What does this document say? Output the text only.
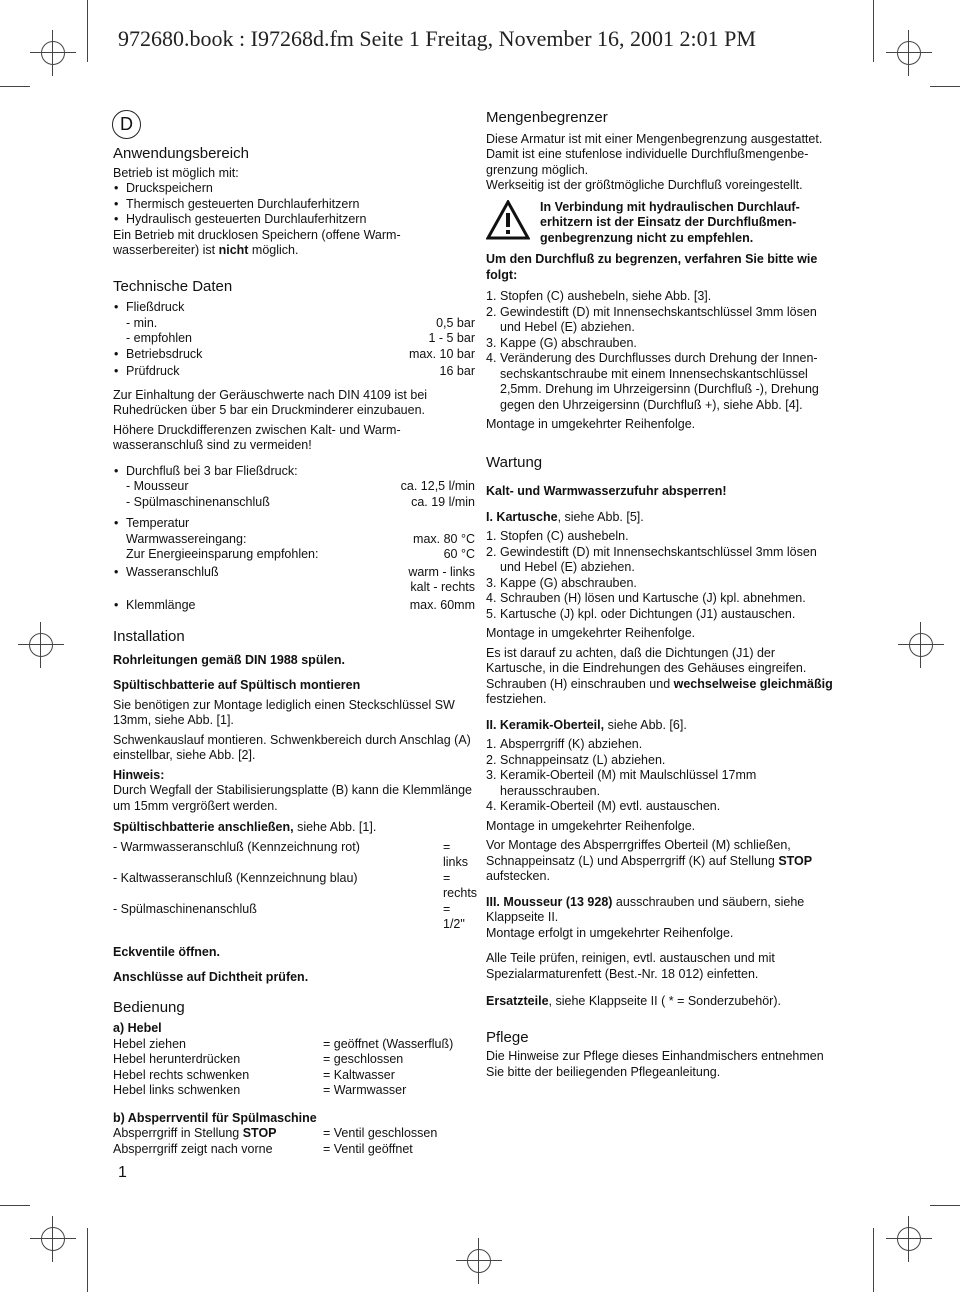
972680.book : I97268d.fm Seite 1 Freitag, November 16, 2001 2:01 PM
D
1
Anwendungsbereich

Betrieb ist möglich mit:

• Druckspeichern
• Thermisch gesteuerten Durchlauferhitzern
• Hydraulisch gesteuerten Durchlauferhitzern

Ein Betrieb mit drucklosen Speichern (offene Warm-
wasserbereiter) ist nicht möglich.

Technische Daten
• Fließdruck
- min.	0,5 bar
- empfohlen	1 - 5 bar
• Betriebsdruck	max. 10 bar
• Prüfdruck	16 bar

Zur Einhaltung der Geräuschwerte nach DIN 4109 ist bei Ruhedrücken über 5 bar ein Druckminderer einzubauen.

Höhere Druckdifferenzen zwischen Kalt- und Warm-wasseranschluß sind zu vermeiden!

• Durchfluß bei 3 bar Fließdruck:
- Mousseur	ca. 12,5 l/min
- Spülmaschinenanschluß	ca. 19 l/min
• Temperatur
Warmwassereingang:	max. 80 °C
Zur Energieeinsparung empfohlen:	60 °C
• Wasseranschluß	warm - links
kalt - rechts
• Klemmlänge	max. 60mm
Installation

Rohrleitungen gemäß DIN 1988 spülen.

Spültischbatterie auf Spültisch montieren

Sie benötigen zur Montage lediglich einen Steckschlüssel SW 13mm, siehe Abb. [1].

Schwenkauslauf montieren. Schwenkbereich durch Anschlag (A) einstellbar, siehe Abb. [2].

Hinweis:

Durch Wegfall der Stabilisierungsplatte (B) kann die Klemmlänge um 15mm vergrößert werden.

Spültischbatterie anschließen, siehe Abb. [1].

- Warmwasseranschluß (Kennzeichnung rot)	= links
- Kaltwasseranschluß (Kennzeichnung blau)	= rechts
- Spülmaschinenanschluß	= 1/2"

Eckventile öffnen.

Anschlüsse auf Dichtheit prüfen.

Bedienung

a) Hebel

Hebel ziehen	= geöffnet (Wasserfluß)
Hebel herunterdrücken	= geschlossen
Hebel rechts schwenken	= Kaltwasser
Hebel links schwenken	= Warmwasser

b) Absperrventil für Spülmaschine

Absperrgriff in Stellung STOP	= Ventil geschlossen
Absperrgriff zeigt nach vorne	= Ventil geöffnet
Mengenbegrenzer

Diese Armatur ist mit einer Mengenbegrenzung ausgestattet. Damit ist eine stufenlose individuelle Durchflußmengenbe-grenzung möglich.

Werkseitig ist der größtmögliche Durchfluß voreingestellt.

In Verbindung mit hydraulischen Durchlauf-erhitzern ist der Einsatz der Durchflußmen-genbegrenzung nicht zu empfehlen.

Um den Durchfluß zu begrenzen, verfahren Sie bitte wie folgt:

1. Stopfen (C) aushebeln, siehe Abb. [3].
2. Gewindestift (D) mit Innensechskantschlüssel 3mm lösen und Hebel (E) abziehen.
3. Kappe (G) abschrauben.
4. Veränderung des Durchflusses durch Drehung der Innen-sechskantschraube mit einem Innensechskantschlüssel 2,5mm. Drehung im Uhrzeigersinn (Durchfluß -), Drehung gegen den Uhrzeigersinn (Durchfluß +), siehe Abb. [4].

Montage in umgekehrter Reihenfolge.

Wartung

Kalt- und Warmwasserzufuhr absperren!

I. Kartusche, siehe Abb. [5].

1. Stopfen (C) aushebeln.
2. Gewindestift (D) mit Innensechskantschlüssel 3mm lösen und Hebel (E) abziehen.
3. Kappe (G) abschrauben.
4. Schrauben (H) lösen und Kartusche (J) kpl. abnehmen.
5. Kartusche (J) kpl. oder Dichtungen (J1) austauschen.

Montage in umgekehrter Reihenfolge.

Es ist darauf zu achten, daß die Dichtungen (J1) der Kartusche, in die Eindrehungen des Gehäuses eingreifen. Schrauben (H) einschrauben und wechselweise gleichmäßig festziehen.

II. Keramik-Oberteil, siehe Abb. [6].

1. Absperrgriff (K) abziehen.
2. Schnappeinsatz (L) abziehen.
3. Keramik-Oberteil (M) mit Maulschlüssel 17mm herausschrauben.
4. Keramik-Oberteil (M) evtl. austauschen.

Montage in umgekehrter Reihenfolge.

Vor Montage des Absperrgriffes Oberteil (M) schließen, Schnappeinsatz (L) und Absperrgriff (K) auf Stellung STOP aufstecken.

III. Mousseur (13 928) ausschrauben und säubern, siehe Klappseite II.

Montage erfolgt in umgekehrter Reihenfolge.

Alle Teile prüfen, reinigen, evtl. austauschen und mit Spezialarmaturenfett (Best.-Nr. 18 012) einfetten.

Ersatzteile, siehe Klappseite II ( * = Sonderzubehör).

Pflege

Die Hinweise zur Pflege dieses Einhandmischers entnehmen Sie bitte der beiliegenden Pflegeanleitung.
